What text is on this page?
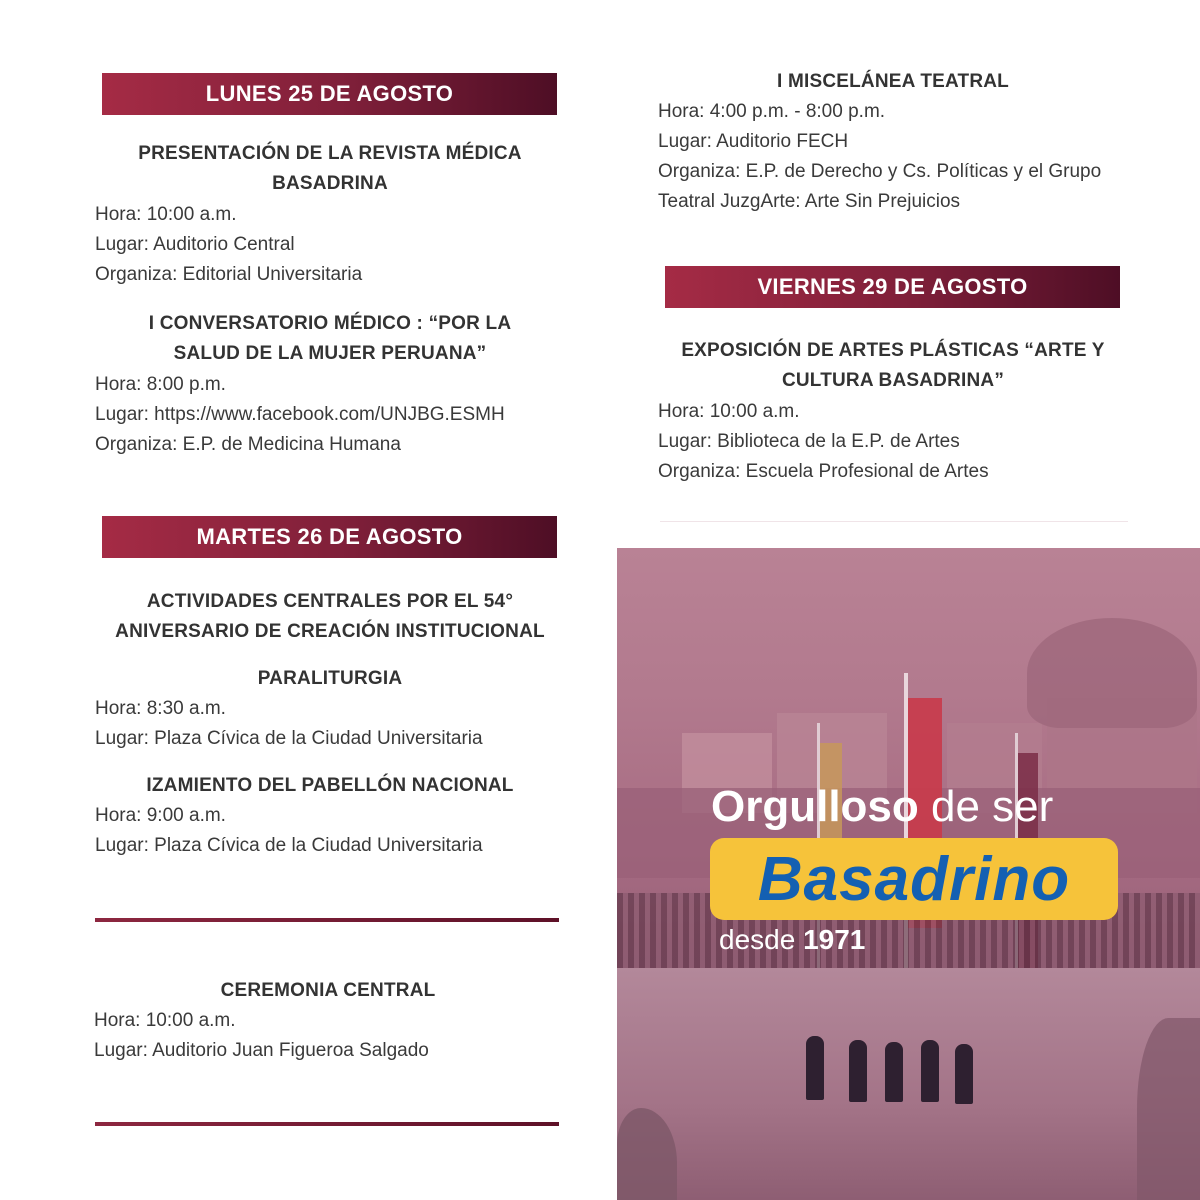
LUNES 25 DE AGOSTO
PRESENTACIÓN DE LA REVISTA MÉDICA
BASADRINA
Hora: 10:00 a.m.
Lugar: Auditorio Central
Organiza: Editorial Universitaria
I CONVERSATORIO MÉDICO : “POR LA
SALUD DE LA MUJER PERUANA”
Hora: 8:00 p.m.
Lugar: https://www.facebook.com/UNJBG.ESMH
Organiza: E.P. de Medicina Humana
MARTES 26 DE AGOSTO
ACTIVIDADES CENTRALES POR EL 54°
ANIVERSARIO DE CREACIÓN INSTITUCIONAL
PARALITURGIA
Hora: 8:30 a.m.
Lugar: Plaza Cívica de la Ciudad Universitaria
IZAMIENTO DEL PABELLÓN NACIONAL
Hora: 9:00 a.m.
Lugar: Plaza Cívica de la Ciudad Universitaria
CEREMONIA CENTRAL
Hora: 10:00 a.m.
Lugar: Auditorio Juan Figueroa Salgado
I MISCELÁNEA TEATRAL
Hora: 4:00 p.m. - 8:00 p.m.
Lugar: Auditorio FECH
Organiza: E.P. de Derecho y Cs. Políticas y el Grupo
Teatral JuzgArte: Arte Sin Prejuicios
VIERNES 29 DE AGOSTO
EXPOSICIÓN DE ARTES PLÁSTICAS “ARTE Y
CULTURA BASADRINA”
Hora: 10:00 a.m.
Lugar: Biblioteca de la E.P. de Artes
Organiza: Escuela Profesional de Artes
Orgulloso de ser
Basadrino
desde 1971
